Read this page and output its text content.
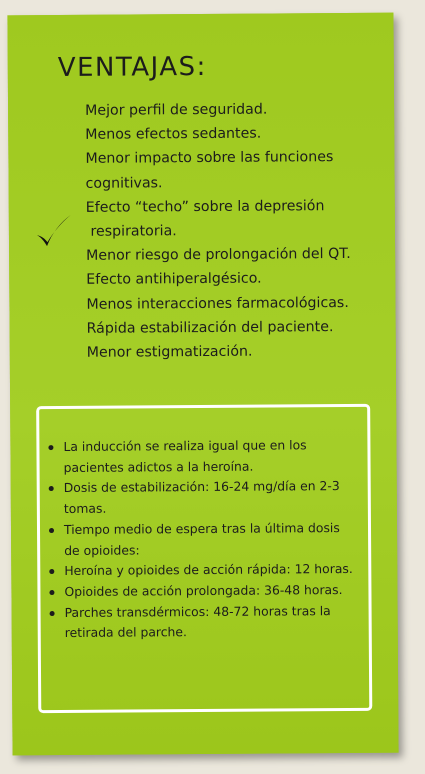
VENTAJAS:
Mejor perfil de seguridad.
Menos efectos sedantes.
Menor impacto sobre las funciones cognitivas.
Efecto “techo” sobre la depresión
respiratoria.
Menor riesgo de prolongación del QT.
Efecto antihiperalgésico.
Menos interacciones farmacológicas.
Rápida estabilización del paciente.
Menor estigmatización.
La inducción se realiza igual que en los pacientes adictos a la heroína.
Dosis de estabilización: 16-24 mg/día en 2-3 tomas.
Tiempo medio de espera tras la última dosis de opioides:
Heroína y opioides de acción rápida: 12 horas.
Opioides de acción prolongada: 36-48 horas.
Parches transdérmicos: 48-72 horas tras la retirada del parche.
